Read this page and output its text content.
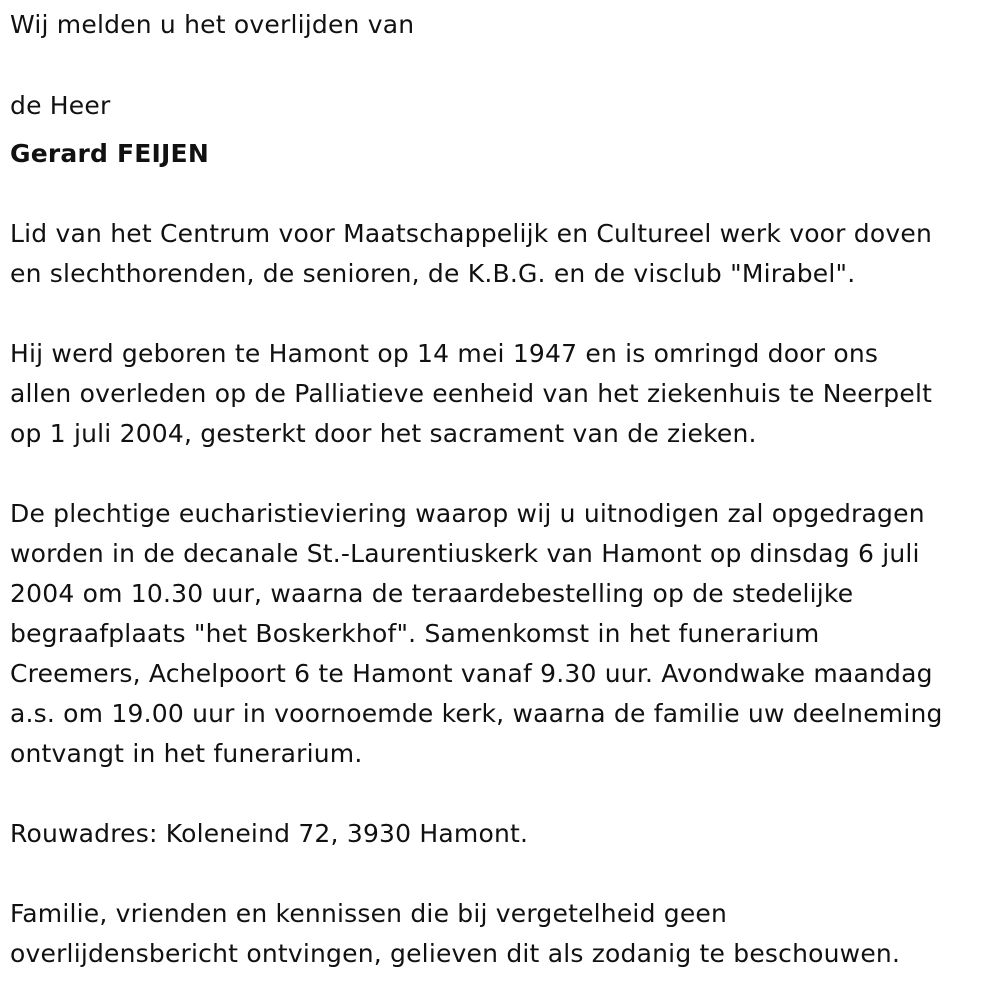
Wij melden u het overlijden van

de Heer

Gerard FEIJEN

Lid van het Centrum voor Maatschappelijk en Cultureel werk voor doven
en slechthorenden, de senioren, de K.B.G. en de visclub "Mirabel".

Hij werd geboren te Hamont op 14 mei 1947 en is omringd door ons
allen overleden op de Palliatieve eenheid van het ziekenhuis te Neerpelt
op 1 juli 2004, gesterkt door het sacrament van de zieken.

De plechtige eucharistieviering waarop wij u uitnodigen zal opgedragen
worden in de decanale St.-Laurentiuskerk van Hamont op dinsdag 6 juli
2004 om 10.30 uur, waarna de teraardebestelling op de stedelijke
begraafplaats "het Boskerkhof". Samenkomst in het funerarium
Creemers, Achelpoort 6 te Hamont vanaf 9.30 uur. Avondwake maandag
a.s. om 19.00 uur in voornoemde kerk, waarna de familie uw deelneming
ontvangt in het funerarium.

Rouwadres: Koleneind 72, 3930 Hamont.

Familie, vrienden en kennissen die bij vergetelheid geen
overlijdensbericht ontvingen, gelieven dit als zodanig te beschouwen.
